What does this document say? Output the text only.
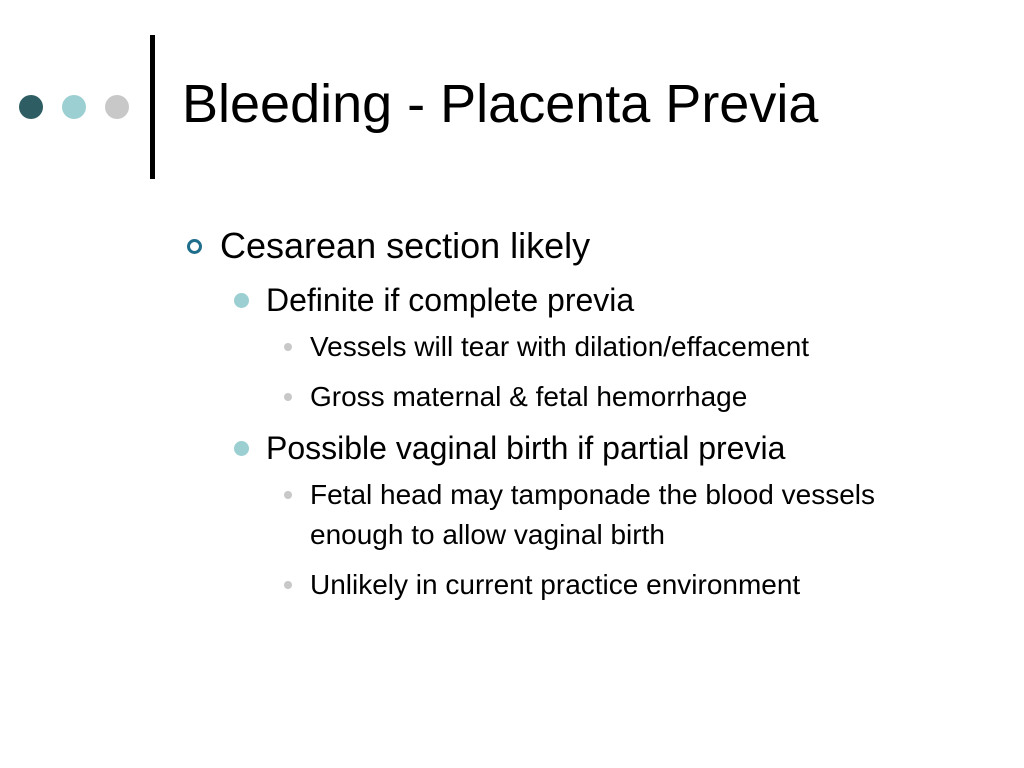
Bleeding - Placenta Previa
Cesarean section likely
Definite if complete previa
Vessels will tear with dilation/effacement
Gross maternal & fetal hemorrhage
Possible vaginal birth if partial previa
Fetal head may tamponade the blood vessels enough to allow vaginal birth
Unlikely in current practice environment
